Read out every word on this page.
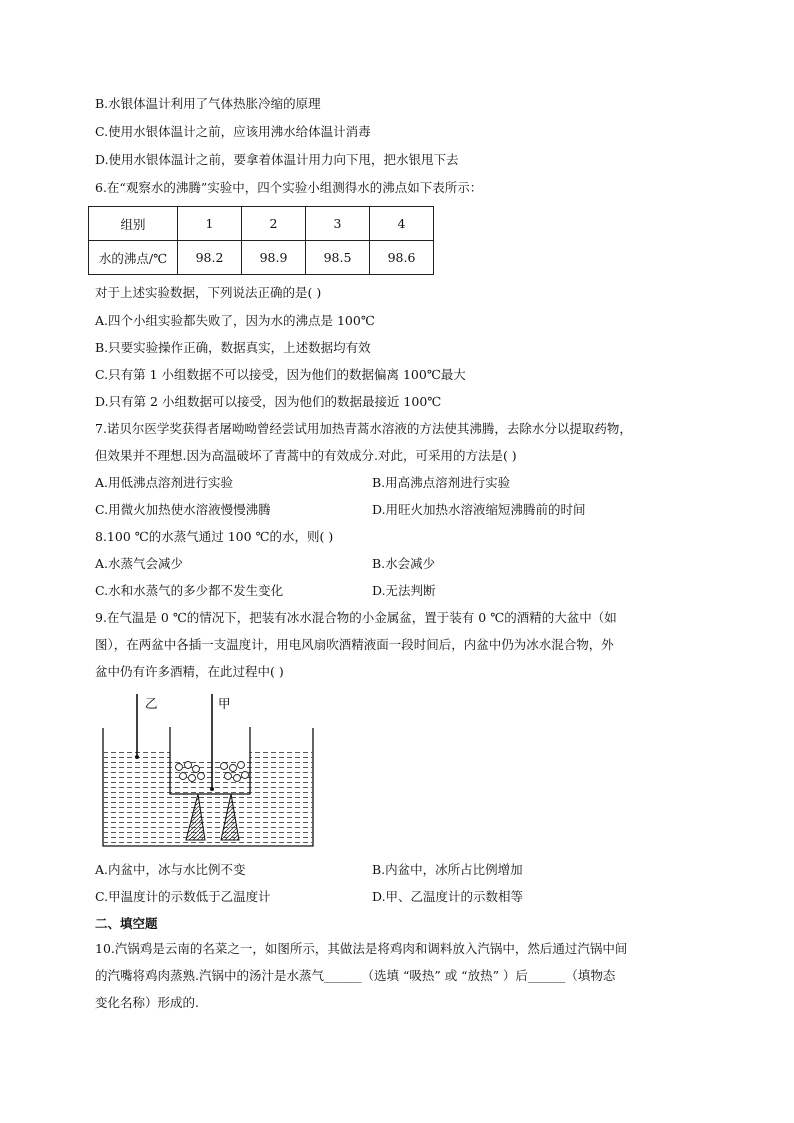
B.水银体温计利用了气体热胀冷缩的原理
C.使用水银体温计之前，应该用沸水给体温计消毒
D.使用水银体温计之前，要拿着体温计用力向下甩，把水银甩下去
6.在“观察水的沸腾”实验中，四个实验小组测得水的沸点如下表所示：
组别	1	2	3	4
水的沸点/℃	98.2	98.9	98.5	98.6
对于上述实验数据，下列说法正确的是( )
A.四个小组实验都失败了，因为水的沸点是 100℃
B.只要实验操作正确，数据真实，上述数据均有效
C.只有第 1 小组数据不可以接受，因为他们的数据偏离 100℃最大
D.只有第 2 小组数据可以接受，因为他们的数据最接近 100℃
7.诺贝尔医学奖获得者屠呦呦曾经尝试用加热青蒿水溶液的方法使其沸腾，去除水分以提取药物，
但效果并不理想.因为高温破坏了青蒿中的有效成分.对此，可采用的方法是( )
A.用低沸点溶剂进行实验	B.用高沸点溶剂进行实验
C.用微火加热使水溶液慢慢沸腾	D.用旺火加热水溶液缩短沸腾前的时间
8.100 ℃的水蒸气通过 100 ℃的水，则( )
A.水蒸气会减少	B.水会减少
C.水和水蒸气的多少都不发生变化	D.无法判断
9.在气温是 0 ℃的情况下，把装有冰水混合物的小金属盆，置于装有 0 ℃的酒精的大盆中（如
图），在两盆中各插一支温度计，用电风扇吹酒精液面一段时间后，内盆中仍为冰水混合物，外
盆中仍有许多酒精，在此过程中( )
乙	甲
A.内盆中，冰与水比例不变	B.内盆中，冰所占比例增加
C.甲温度计的示数低于乙温度计	D.甲、乙温度计的示数相等
二、填空题
10.汽锅鸡是云南的名菜之一，如图所示，其做法是将鸡肉和调料放入汽锅中，然后通过汽锅中间
的汽嘴将鸡肉蒸熟.汽锅中的汤汁是水蒸气______（选填 “吸热” 或 “放热” ）后______（填物态
变化名称）形成的.
